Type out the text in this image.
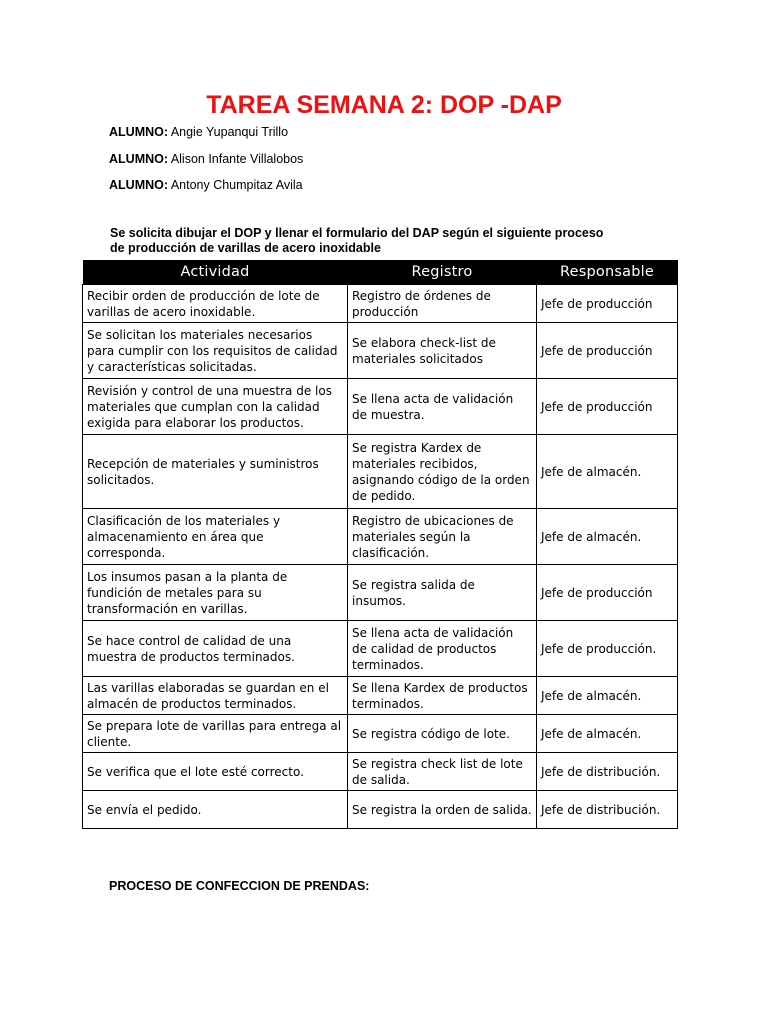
TAREA SEMANA 2: DOP -DAP
ALUMNO: Angie Yupanqui Trillo
ALUMNO: Alison Infante Villalobos
ALUMNO: Antony Chumpitaz Avila
Se solicita dibujar el DOP y llenar el formulario del DAP según el siguiente proceso
de producción de varillas de acero inoxidable
Actividad	Registro	Responsable
Recibir orden de producción de lote de varillas de acero inoxidable.	Registro de órdenes de producción	Jefe de producción
Se solicitan los materiales necesarios para cumplir con los requisitos de calidad y características solicitadas.	Se elabora check-list de materiales solicitados	Jefe de producción
Revisión y control de una muestra de los materiales que cumplan con la calidad exigida para elaborar los productos.	Se llena acta de validación de muestra.	Jefe de producción
Recepción de materiales y suministros solicitados.	Se registra Kardex de materiales recibidos, asignando código de la orden de pedido.	Jefe de almacén.
Clasificación de los materiales y almacenamiento en área que corresponda.	Registro de ubicaciones de materiales según la clasificación.	Jefe de almacén.
Los insumos pasan a la planta de fundición de metales para su transformación en varillas.	Se registra salida de insumos.	Jefe de producción
Se hace control de calidad de una muestra de productos terminados.	Se llena acta de validación de calidad de productos terminados.	Jefe de producción.
Las varillas elaboradas se guardan en el almacén de productos terminados.	Se llena Kardex de productos terminados.	Jefe de almacén.
Se prepara lote de varillas para entrega al cliente.	Se registra código de lote.	Jefe de almacén.
Se verifica que el lote esté correcto.	Se registra check list de lote de salida.	Jefe de distribución.
Se envía el pedido.	Se registra la orden de salida.	Jefe de distribución.
PROCESO DE CONFECCION DE PRENDAS:
